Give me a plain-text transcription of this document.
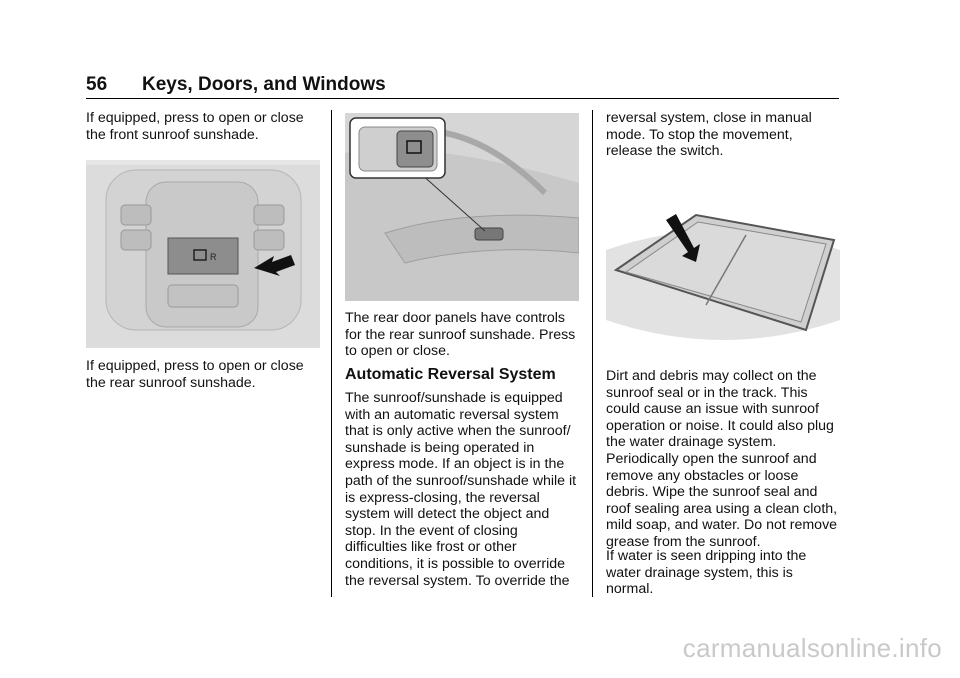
56 Keys, Doors, and Windows

If equipped, press to open or close the front sunroof sunshade.

R

If equipped, press to open or close the rear sunroof sunshade.

The rear door panels have controls for the rear sunroof sunshade. Press to open or close.

Automatic Reversal System

The sunroof/sunshade is equipped with an automatic reversal system that is only active when the sunroof/ sunshade is being operated in express mode. If an object is in the path of the sunroof/sunshade while it is express-closing, the reversal system will detect the object and stop. In the event of closing difficulties like frost or other conditions, it is possible to override the reversal system. To override the

reversal system, close in manual mode. To stop the movement, release the switch.

Dirt and debris may collect on the sunroof seal or in the track. This could cause an issue with sunroof operation or noise. It could also plug the water drainage system. Periodically open the sunroof and remove any obstacles or loose debris. Wipe the sunroof seal and roof sealing area using a clean cloth, mild soap, and water. Do not remove grease from the sunroof.

If water is seen dripping into the water drainage system, this is normal.

carmanualsonline.info
